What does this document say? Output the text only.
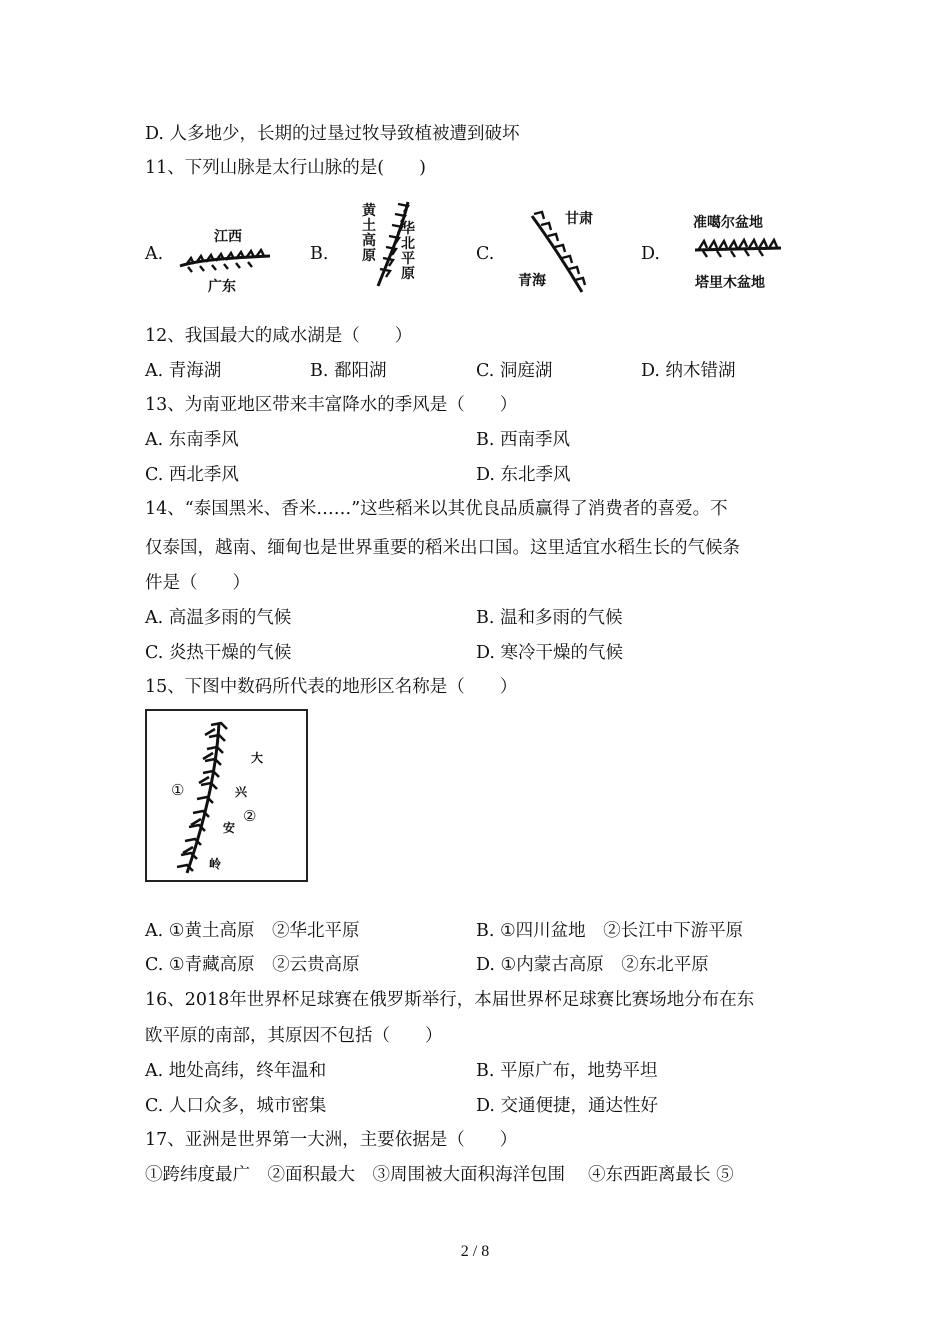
D. 人多地少，长期的过垦过牧导致植被遭到破坏
11、下列山脉是太行山脉的是(　　)
A.	B.	C.	D.
江西
广东
黄土高原
华北平原
甘肃
青海
准噶尔盆地
塔里木盆地
12、我国最大的咸水湖是（　　）
A. 青海湖	B. 鄱阳湖	C. 洞庭湖	D. 纳木错湖
13、为南亚地区带来丰富降水的季风是（　　）
A. 东南季风	B. 西南季风
C. 西北季风	D. 东北季风
14、“泰国黑米、香米……”这些稻米以其优良品质赢得了消费者的喜爱。不
仅泰国，越南、缅甸也是世界重要的稻米出口国。这里适宜水稻生长的气候条
件是（　　）
A. 高温多雨的气候	B. 温和多雨的气候
C. 炎热干燥的气候	D. 寒冷干燥的气候
15、下图中数码所代表的地形区名称是（　　）
大
兴
安
岭
①
②
A. ①黄土高原　②华北平原	B. ①四川盆地　②长江中下游平原
C. ①青藏高原　②云贵高原	D. ①内蒙古高原　②东北平原
16、2018年世界杯足球赛在俄罗斯举行，本届世界杯足球赛比赛场地分布在东
欧平原的南部，其原因不包括（　　）
A. 地处高纬，终年温和	B. 平原广布，地势平坦
C. 人口众多，城市密集	D. 交通便捷，通达性好
17、亚洲是世界第一大洲，主要依据是（　　）
①跨纬度最广　②面积最大　③周围被大面积海洋包围　 ④东西距离最长 ⑤
2 / 8
